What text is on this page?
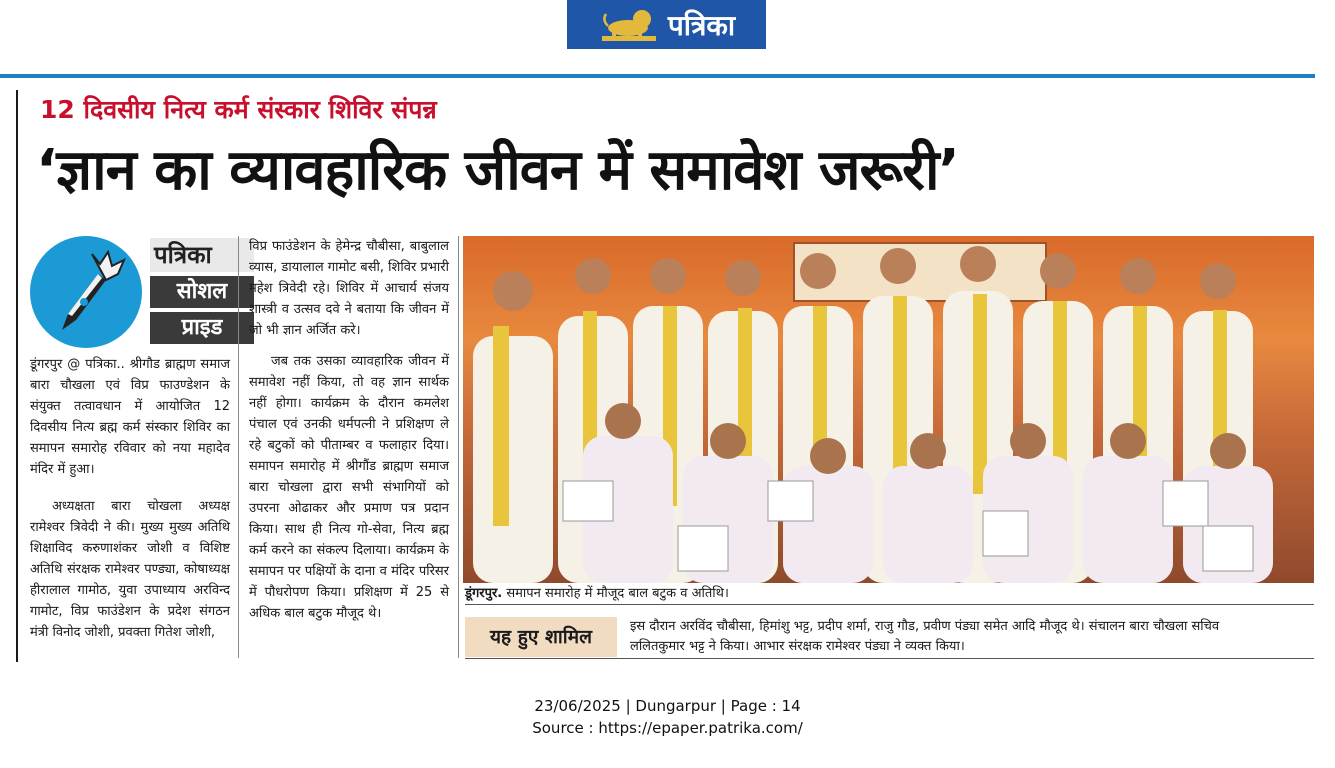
पत्रिका
12 दिवसीय नित्य कर्म संस्कार शिविर संपन्न
‘ज्ञान का व्यावहारिक जीवन में समावेश जरूरी’
पत्रिका
सोशल
प्राइड

डूंगरपुर @ पत्रिका.. श्रीगौड ब्राह्मण समाज बारा चौखला एवं विप्र फाउण्डेशन के संयुक्त तत्वावधान में आयोजित 12 दिवसीय नित्य ब्रह्म कर्म संस्कार शिविर का समापन समारोह रविवार को नया महादेव मंदिर में हुआ।

अध्यक्षता बारा चोखला अध्यक्ष रामेश्वर त्रिवेदी ने की। मुख्य मुख्य अतिथि शिक्षाविद करुणाशंकर जोशी व विशिष्ट अतिथि संरक्षक रामेश्वर पण्ड्या, कोषाध्यक्ष हीरालाल गामोठ, युवा उपाध्याय अरविन्द गामोट, विप्र फाउंडेशन के प्रदेश संगठन मंत्री विनोद जोशी, प्रवक्ता गितेश जोशी,

विप्र फाउंडेशन के हेमेन्द्र चौबीसा, बाबुलाल व्यास, डायालाल गामोट बसी, शिविर प्रभारी महेश त्रिवेदी रहे। शिविर में आचार्य संजय शास्त्री व उत्सव दवे ने बताया कि जीवन में जो भी ज्ञान अर्जित करे।

जब तक उसका व्यावहारिक जीवन में समावेश नहीं किया, तो वह ज्ञान सार्थक नहीं होगा। कार्यक्रम के दौरान कमलेश पंचाल एवं उनकी धर्मपत्नी ने प्रशिक्षण ले रहे बटुकों को पीताम्बर व फलाहार दिया। समापन समारोह में श्रीगौंड ब्राह्मण समाज बारा चोखला द्वारा सभी संभागियों को उपरना ओढाकर और प्रमाण पत्र प्रदान किया। साथ ही नित्य गो-सेवा, नित्य ब्रह्म कर्म करने का संकल्प दिलाया। कार्यक्रम के समापन पर पक्षियों के दाना व मंदिर परिसर में पौधरोपण किया। प्रशिक्षण में 25 से अधिक बाल बटुक मौजूद थे।

डूंगरपुर. समापन समारोह में मौजूद बाल बटुक व अतिथि।
यह हुए शामिल	इस दौरान अरविंद चौबीसा, हिमांशु भट्ट, प्रदीप शर्मा, राजु गौड, प्रवीण पंड्या समेत आदि मौजूद थे। संचालन बारा चौखला सचिव
ललितकुमार भट्ट ने किया। आभार संरक्षक रामेश्वर पंड्या ने व्यक्त किया।
23/06/2025 | Dungarpur | Page : 14
Source : https://epaper.patrika.com/
